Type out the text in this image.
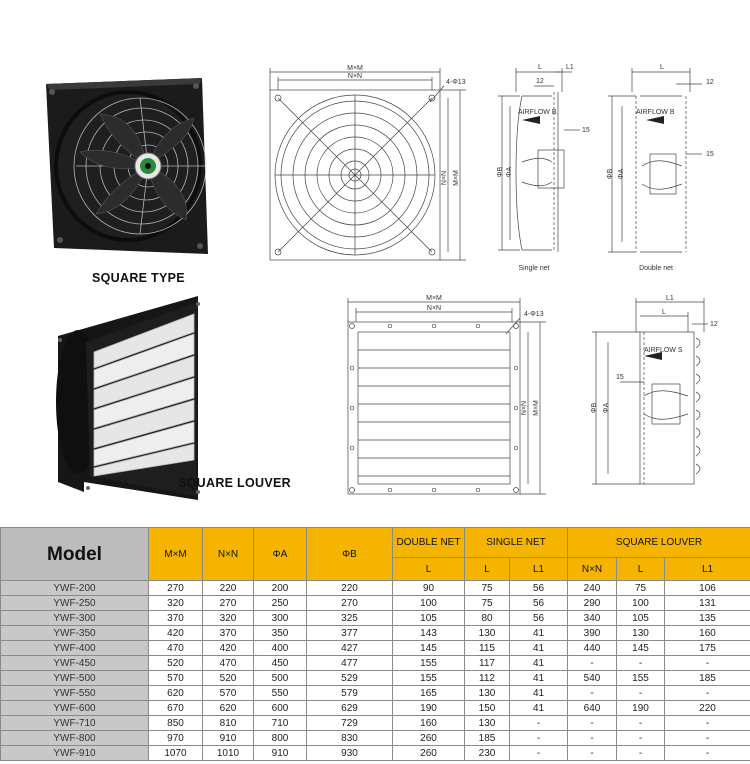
SQUARE TYPE
SQUARE LOUVER
M×M
N×N
4-Φ13
N×N M×M
L	L1
12
15
AIRFLOW B
ΦB ΦA
Single net
L
12
15
AIRFLOW B
ΦB ΦA
Double net
M×M
N×N
4-Φ13
N×N M×M
L1
L
12
15
AIRFLOW S
ΦB ΦA
Model	M×M	N×N	ΦA	ΦB	DOUBLE NET	SINGLE NET		SQUARE LOUVER		
					L	L	L1	N×N	L	L1
YWF-200	270	220	200	220	90	75	56	240	75	106
YWF-250	320	270	250	270	100	75	56	290	100	131
YWF-300	370	320	300	325	105	80	56	340	105	135
YWF-350	420	370	350	377	143	130	41	390	130	160
YWF-400	470	420	400	427	145	115	41	440	145	175
YWF-450	520	470	450	477	155	117	41	-	-	-
YWF-500	570	520	500	529	155	112	41	540	155	185
YWF-550	620	570	550	579	165	130	41	-	-	-
YWF-600	670	620	600	629	190	150	41	640	190	220
YWF-710	850	810	710	729	160	130	-	-	-	-
YWF-800	970	910	800	830	260	185	-	-	-	-
YWF-910	1070	1010	910	930	260	230	-	-	-	-
